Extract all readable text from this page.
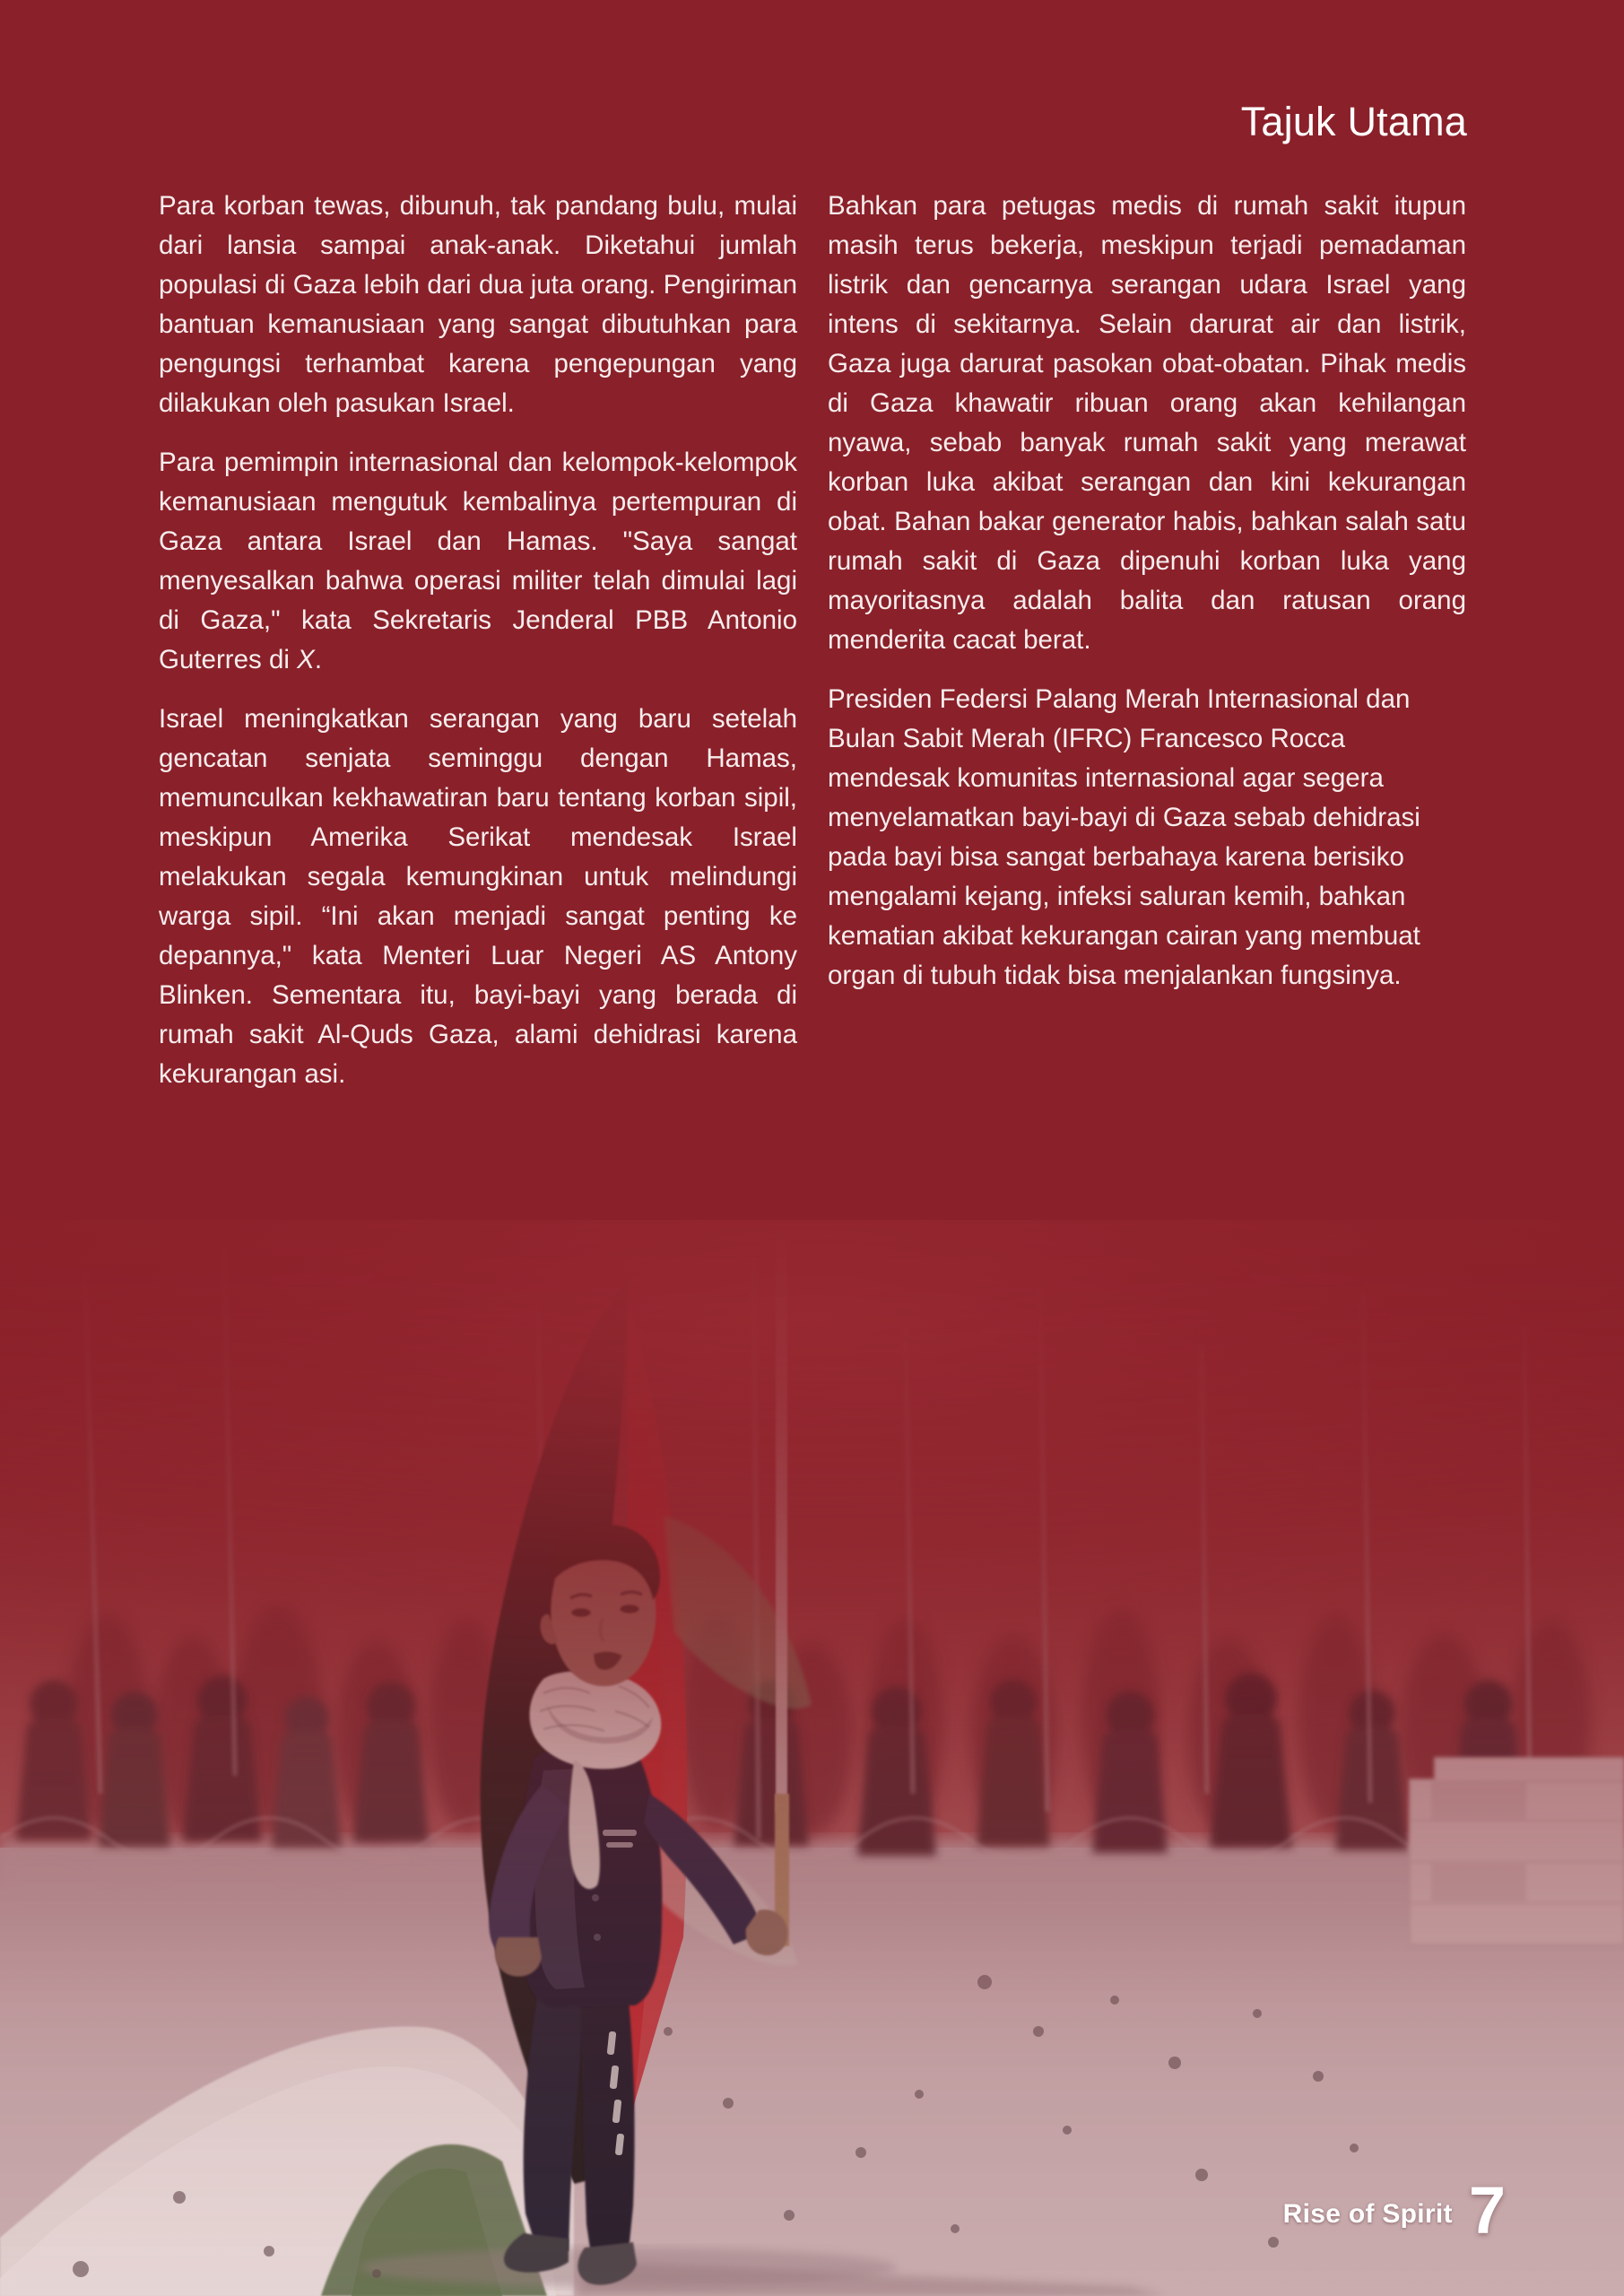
Tajuk Utama

Para korban tewas, dibunuh, tak pandang bulu, mulai dari lansia sampai anak-anak. Diketahui jumlah populasi di Gaza lebih dari dua juta orang. Pengiriman bantuan kemanusiaan yang sangat dibutuhkan para pengungsi terhambat karena pengepungan yang dilakukan oleh pasukan Israel.

Para pemimpin internasional dan kelompok-kelompok kemanusiaan mengutuk kembalinya pertempuran di Gaza antara Israel dan Hamas. "Saya sangat menyesalkan bahwa operasi militer telah dimulai lagi di Gaza," kata Sekretaris Jenderal PBB Antonio Guterres di X.

Israel meningkatkan serangan yang baru setelah gencatan senjata seminggu dengan Hamas, memunculkan kekhawatiran baru tentang korban sipil, meskipun Amerika Serikat mendesak Israel melakukan segala kemungkinan untuk melindungi warga sipil. “Ini akan menjadi sangat penting ke depannya," kata Menteri Luar Negeri AS Antony Blinken. Sementara itu, bayi-bayi yang berada di rumah sakit Al-Quds Gaza, alami dehidrasi karena kekurangan asi.

Bahkan para petugas medis di rumah sakit itupun masih terus bekerja, meskipun terjadi pemadaman listrik dan gencarnya serangan udara Israel yang intens di sekitarnya. Selain darurat air dan listrik, Gaza juga darurat pasokan obat-obatan. Pihak medis di Gaza khawatir ribuan orang akan kehilangan nyawa, sebab banyak rumah sakit yang merawat korban luka akibat serangan dan kini kekurangan obat. Bahan bakar generator habis, bahkan salah satu rumah sakit di Gaza dipenuhi korban luka yang mayoritasnya adalah balita dan ratusan orang menderita cacat berat.

Presiden Federsi Palang Merah Internasional dan Bulan Sabit Merah (IFRC) Francesco Rocca mendesak komunitas internasional agar segera menyelamatkan bayi-bayi di Gaza sebab dehidrasi pada bayi bisa sangat berbahaya karena berisiko mengalami kejang, infeksi saluran kemih, bahkan kematian akibat kekurangan cairan yang membuat organ di tubuh tidak bisa menjalankan fungsinya.

Rise of Spirit 7
